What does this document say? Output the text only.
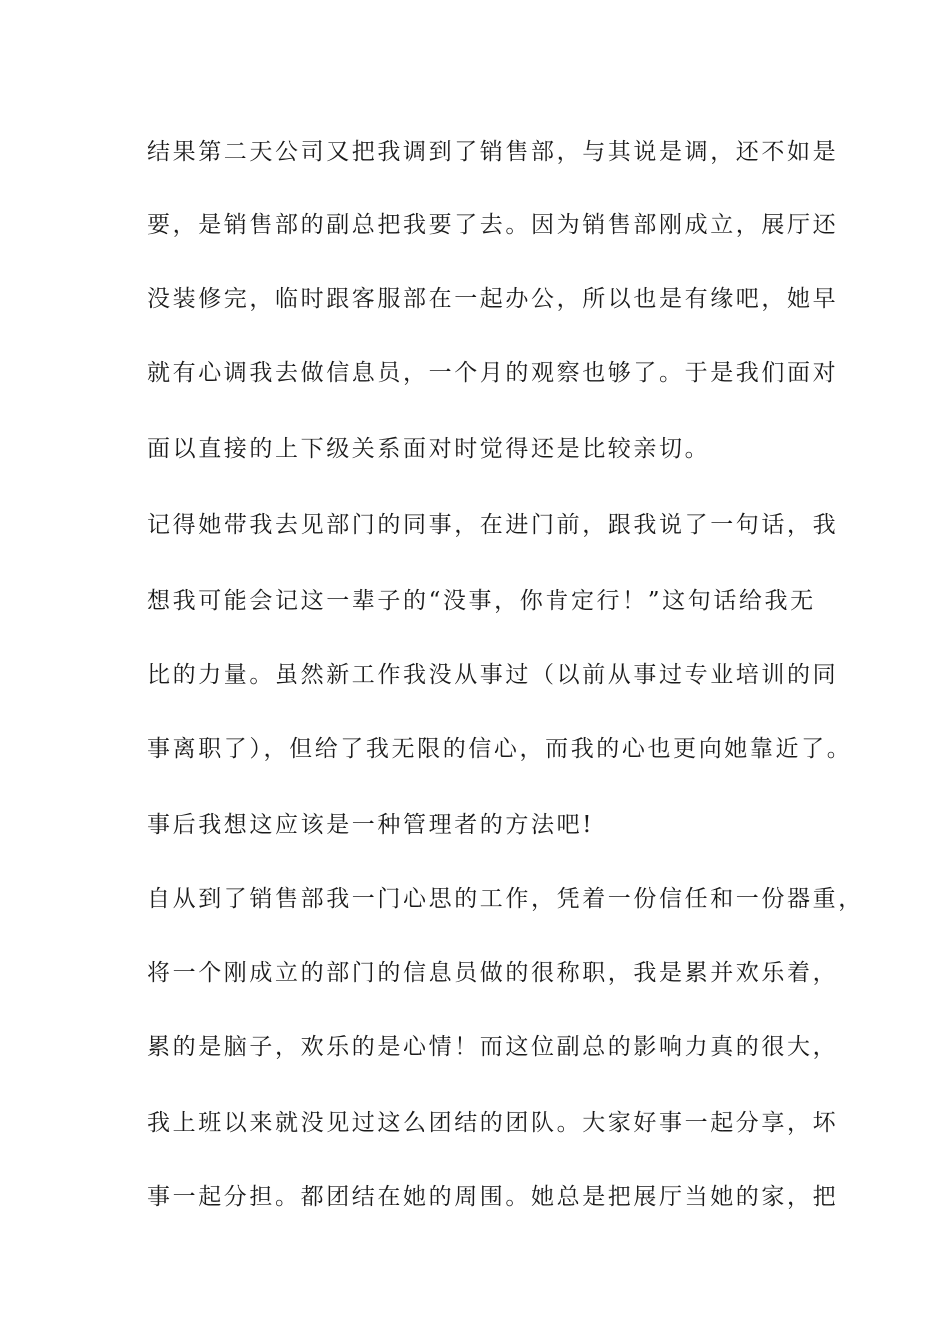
结果第二天公司又把我调到了销售部，与其说是调，还不如是
要，是销售部的副总把我要了去。因为销售部刚成立，展厅还
没装修完，临时跟客服部在一起办公，所以也是有缘吧，她早
就有心调我去做信息员，一个月的观察也够了。于是我们面对
面以直接的上下级关系面对时觉得还是比较亲切。
记得她带我去见部门的同事，在进门前，跟我说了一句话，我
想我可能会记这一辈子的“没事，你肯定行！”这句话给我无
比的力量。虽然新工作我没从事过（以前从事过专业培训的同
事离职了），但给了我无限的信心，而我的心也更向她靠近了。
事后我想这应该是一种管理者的方法吧!
自从到了销售部我一门心思的工作，凭着一份信任和一份器重，
将一个刚成立的部门的信息员做的很称职，我是累并欢乐着，
累的是脑子，欢乐的是心情！而这位副总的影响力真的很大，
我上班以来就没见过这么团结的团队。大家好事一起分享，坏
事一起分担。都团结在她的周围。她总是把展厅当她的家，把
